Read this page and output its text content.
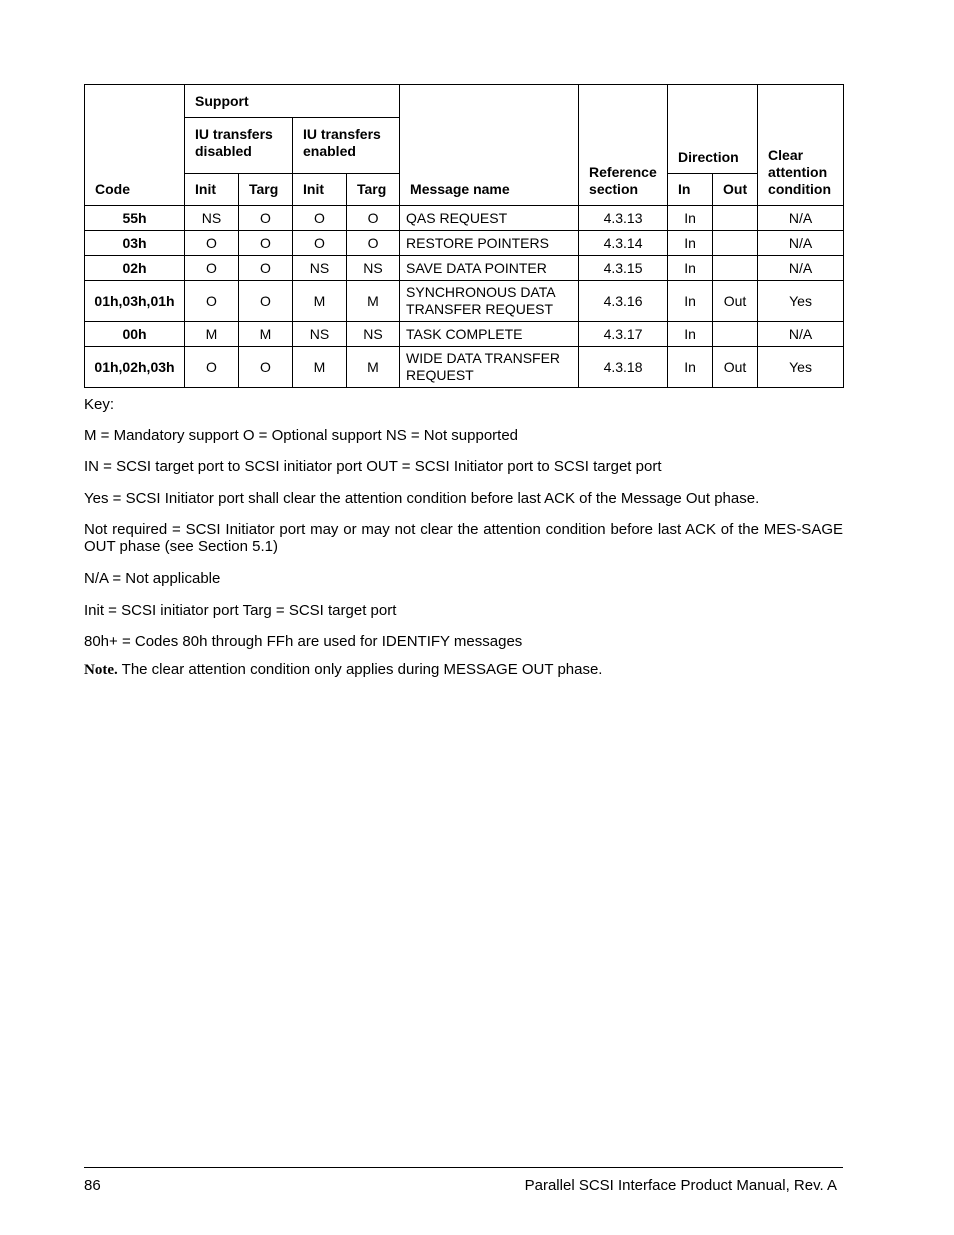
Code	Support				Message name	Reference section	Direction		Clear attention condition
	IU transfers disabled		IU transfers enabled						
	Init	Targ	Init	Targ			In	Out	
55h	NS	O	O	O	QAS REQUEST	4.3.13	In		N/A
03h	O	O	O	O	RESTORE POINTERS	4.3.14	In		N/A
02h	O	O	NS	NS	SAVE DATA POINTER	4.3.15	In		N/A
01h,03h,01h	O	O	M	M	SYNCHRONOUS DATA TRANSFER REQUEST	4.3.16	In	Out	Yes
00h	M	M	NS	NS	TASK COMPLETE	4.3.17	In		N/A
01h,02h,03h	O	O	M	M	WIDE DATA TRANSFER REQUEST	4.3.18	In	Out	Yes
Key:
M = Mandatory support O = Optional support NS = Not supported
IN = SCSI target port to SCSI initiator port OUT = SCSI Initiator port to SCSI target port
Yes = SCSI Initiator port shall clear the attention condition before last ACK of the Message Out phase.
Not required = SCSI Initiator port may or may not clear the attention condition before last ACK of the MES-SAGE OUT phase (see Section 5.1)
N/A = Not applicable
Init = SCSI initiator port Targ = SCSI target port
80h+ = Codes 80h through FFh are used for IDENTIFY messages
Note. The clear attention condition only applies during MESSAGE OUT phase.
86	Parallel SCSI Interface Product Manual, Rev. A
